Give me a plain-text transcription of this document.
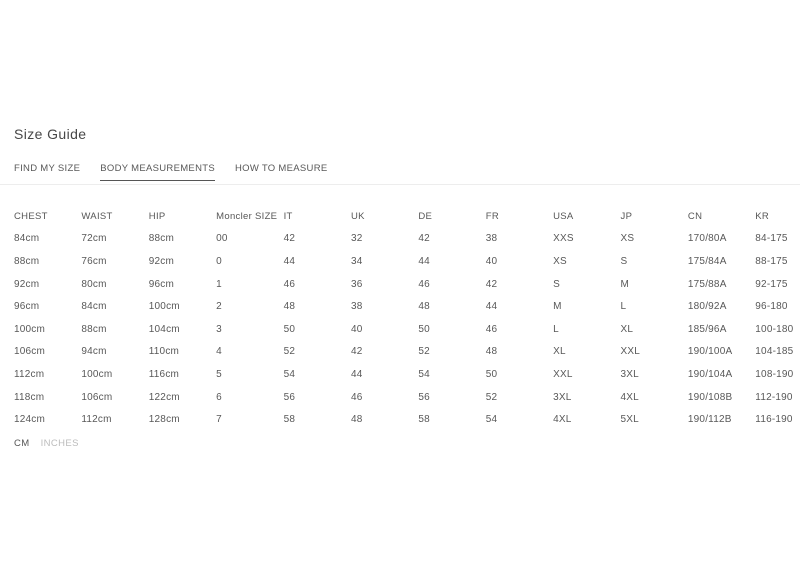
Size Guide
FIND MY SIZE BODY MEASUREMENTS HOW TO MEASURE
CHEST	WAIST	HIP	Moncler SIZE	IT	UK	DE	FR	USA	JP	CN	KR
84cm	72cm	88cm	00	42	32	42	38	XXS	XS	170/80A	84-175
88cm	76cm	92cm	0	44	34	44	40	XS	S	175/84A	88-175
92cm	80cm	96cm	1	46	36	46	42	S	M	175/88A	92-175
96cm	84cm	100cm	2	48	38	48	44	M	L	180/92A	96-180
100cm	88cm	104cm	3	50	40	50	46	L	XL	185/96A	100-180
106cm	94cm	110cm	4	52	42	52	48	XL	XXL	190/100A	104-185
112cm	100cm	116cm	5	54	44	54	50	XXL	3XL	190/104A	108-190
118cm	106cm	122cm	6	56	46	56	52	3XL	4XL	190/108B	112-190
124cm	112cm	128cm	7	58	48	58	54	4XL	5XL	190/112B	116-190
CM INCHES
